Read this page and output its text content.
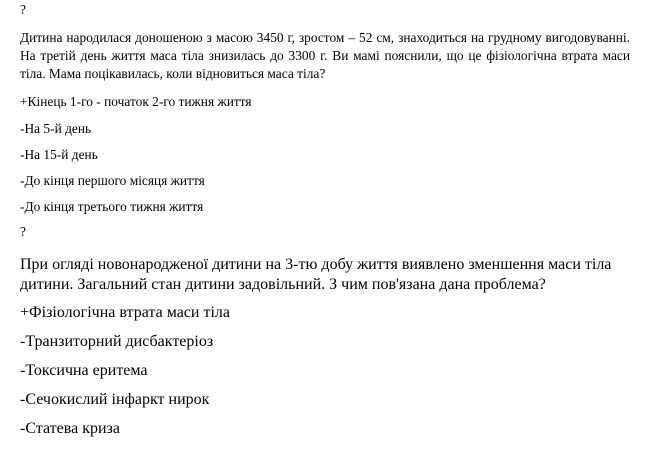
?
Дитина народилася доношеною з масою 3450 г, зростом – 52 см, знаходиться на грудному вигодовуванні. На третій день життя маса тіла знизилась до 3300 г. Ви мамі пояснили, що це фізіологічна втрата маси тіла. Мама поцікавилась, коли відновиться маса тіла?
+Кінець 1-го - початок 2-го тижня життя
-На 5-й день
-На 15-й день
-До кінця першого місяця життя
-До кінця третього тижня життя
?
При огляді новонародженої дитини на 3-тю добу життя виявлено зменшення маси тіла
дитини. Загальний стан дитини задовільний. З чим пов'язана дана проблема?
+Фізіологічна втрата маси тіла
-Транзиторний дисбактеріоз
-Токсична еритема
-Сечокислий інфаркт нирок
-Статева криза
